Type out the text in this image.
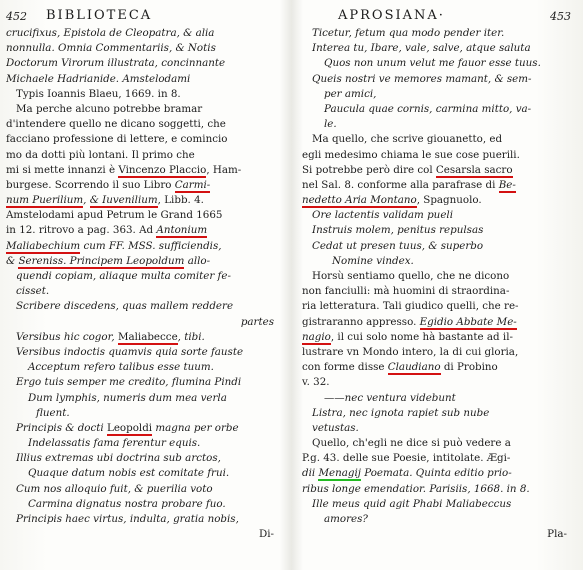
452 BIBLIOTECA
crucifixus, Epistola de Cleopatra, & alia
nonnulla. Omnia Commentariis, & Notis
Doctorum Virorum illustrata, concinnante
Michaele Hadrianide. Amstelodami
Typis Ioannis Blaeu, 1669. in 8.
Ma perche alcuno potrebbe bramar
d'intendere quello ne dicano soggetti, che
facciano professione di lettere, e comincio
mo da dotti più lontani. Il primo che
mi si mette innanzi è Vincenzo Placcio, Ham-
burgese. Scorrendo il suo Libro Carmi-
num Puerilium, & Iuvenilium, Libb. 4.
Amstelodami apud Petrum le Grand 1665
in 12. ritrovo a pag. 363. Ad Antonium
Maliabechium cum FF. MSS. sufficiendis,
& Sereniss. Principem Leopoldum allo-
quendi copiam, aliaque multa comiter fe-
cisset.
Scribere discedens, quas mallem reddere
partes
Versibus hic cogor, Maliabecce, tibi.
Versibus indoctis quamvis quia sorte fauste
Acceptum refero talibus esse tuum.
Ergo tuis semper me credito, flumina Pindi
Dum lymphis, numeris dum mea verla
fluent.
Principis & docti Leopoldi magna per orbe
Indelassatis fama ferentur equis.
Illius extremas ubi doctrina sub arctos,
Quaque datum nobis est comitate frui.
Cum nos alloquio fuit, & puerilia voto
Carmina dignatus nostra probare fuo.
Principis haec virtus, indulta, gratia nobis,
Di-
APROSIANA·	453
Ticetur, fetum qua modo pender iter.
Interea tu, Ibare, vale, salve, atque saluta
Quos non unum velut me fauor esse tuus.
Queis nostri ve memores mamant, & sem-
per amici,
Paucula quae cornis, carmina mitto, va-
le.
Ma quello, che scrive giouanetto, ed
egli medesimo chiama le sue cose puerili.
Si potrebbe però dire col Cesarsla sacro
nel Sal. 8. conforme alla parafrase di Be-
nedetto Aria Montano, Spagnuolo.
Ore lactentis validam pueli
Instruis molem, penitus repulsas
Cedat ut presen tuus, & superbo
Nomine vindex.
Horsù sentiamo quello, che ne dicono
non fanciulli: mà huomini di straordina-
ria letteratura. Tali giudico quelli, che re-
gistraranno appresso. Egidio Abbate Me-
nagio, il cui solo nome hà bastante ad il-
lustrare vn Mondo intero, la di cui gloria,
con forme disse Claudiano di Probino
v. 32.
——nec ventura videbunt
Listra, nec ignota rapiet sub nube
vetustas.
Quello, ch'egli ne dice si può vedere a
P.g. 43. delle sue Poesie, intitolate. Ægi-
dii Menagij Poemata. Quinta editio prio-
ribus longe emendatior. Parisiis, 1668. in 8.
Ille meus quid agit Phabi Maliabeccus
amores?
Pla-
